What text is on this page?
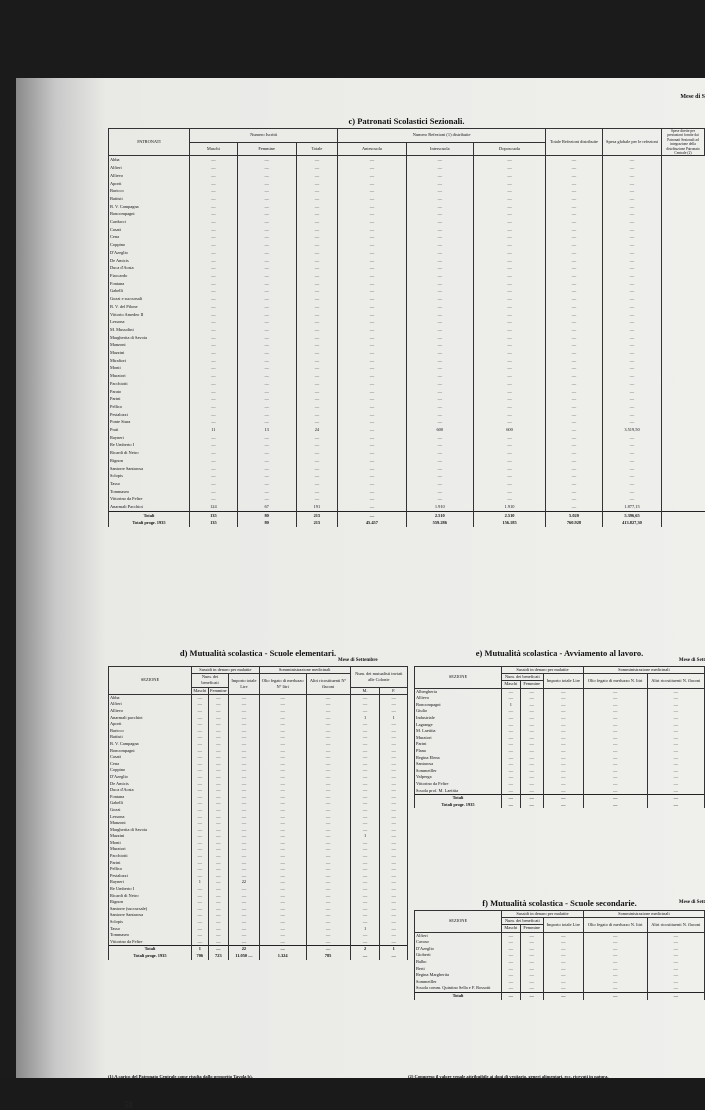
Mese di S
c) Patronati Scolastici Sezionali.
PATRONATI	Numero Iscritti			Numero Refezioni (1) distribuite			Totale Refezioni distribuite	Spesa globale per le refezioni	Spese dirette per prestazioni fornite dai Patronati Sezionali ad integrazione della distribuzione Patronato Centrale (2)
	Maschi	Femmine	Totale	Antescuola	Interscuola	Doposcuola			
Abba	—	—	—	—	—	—	—	—	
Alfieri	—	—	—	—	—	—	—	—	
Allievo	—	—	—	—	—	—	—	—	
Aporti	—	—	—	—	—	—	—	—	
Baricco	—	—	—	—	—	—	—	—	
Battisti	—	—	—	—	—	—	—	—	
B. V. Campagna	—	—	—	—	—	—	—	—	
Boncompagni	—	—	—	—	—	—	—	—	
Carducci	—	—	—	—	—	—	—	—	
Casati	—	—	—	—	—	—	—	—	
Cena	—	—	—	—	—	—	—	—	
Coppino	—	—	—	—	—	—	—	—	
D'Azeglio	—	—	—	—	—	—	—	—	
De Amicis	—	—	—	—	—	—	—	—	
Duca d'Aosta	—	—	—	—	—	—	—	—	
Fiaccardo	—	—	—	—	—	—	—	—	
Fontana	—	—	—	—	—	—	—	—	
Gabelli	—	—	—	—	—	—	—	—	
Gozzi e succursali	—	—	—	—	—	—	—	—	
B. V. del Pilone	—	—	—	—	—	—	—	—	
Vittorio Amedeo II	—	—	—	—	—	—	—	—	
Lessona	—	—	—	—	—	—	—	—	
M. Mussolini	—	—	—	—	—	—	—	—	
Margherita di Savoia	—	—	—	—	—	—	—	—	
Manzoni	—	—	—	—	—	—	—	—	
Mazzini	—	—	—	—	—	—	—	—	
Mirafiori	—	—	—	—	—	—	—	—	
Monti	—	—	—	—	—	—	—	—	
Muratori	—	—	—	—	—	—	—	—	
Pacchiotti	—	—	—	—	—	—	—	—	
Parato	—	—	—	—	—	—	—	—	
Parini	—	—	—	—	—	—	—	—	
Pellico	—	—	—	—	—	—	—	—	
Pestalozzi	—	—	—	—	—	—	—	—	
Ponte Stura	—	—	—	—	—	—	—	—	
Prati	11	13	24	—	600	600	—	3.519,50	
Rayneri	—	—	—	—	—	—	—	—	
Re Umberto I	—	—	—	—	—	—	—	—	
Ricardi di Netro	—	—	—	—	—	—	—	—	
Rignon	—	—	—	—	—	—	—	—	
Santorre Santarosa	—	—	—	—	—	—	—	—	
Sclopis	—	—	—	—	—	—	—	—	
Tasso	—	—	—	—	—	—	—	—	
Tommaseo	—	—	—	—	—	—	—	—	
Vittorino da Feltre	—	—	—	—	—	—	—	—	
Anarmali Pacchiot	124	67	191	—	1.910	1.910	—	1.877,15	
Totali	135	80	215	—	2.510	2.510	5.020	5.396,65	
Totali progr. 1935	135	80	215	45.457	559.286	156.185	760.928	413.827,30	
d) Mutualità scolastica - Scuole elementari.
Mese di Settembre
SEZIONE	Sussidi in denaro per malattie			Somministrazione medicinali		Num. dei mutualisti inviati alle Colonie	
	Num. dei beneficati		Importo totale Lire	Olio fegato di merluzzo N° litri	Altri ricostituenti N° flaconi		
	Maschi	Femmine				M.	F.
Abba	—	—	—	—	—	—	—
Alfieri	—	—	—	—	—	—	—
Allievo	—	—	—	—	—	—	—
Anarmali pacchiot	—	—	—	—	—	1	1
Aporti	—	—	—	—	—	—	—
Baricco	—	—	—	—	—	—	—
Battisti	—	—	—	—	—	—	—
B. V. Campagna	—	—	—	—	—	—	—
Boncompagni	—	—	—	—	—	—	—
Casati	—	—	—	—	—	—	—
Cena	—	—	—	—	—	—	—
Coppino	—	—	—	—	—	—	—
D'Azeglio	—	—	—	—	—	—	—
De Amicis	—	—	—	—	—	—	—
Duca d'Aosta	—	—	—	—	—	—	—
Fontana	—	—	—	—	—	—	—
Gabelli	—	—	—	—	—	—	—
Gozzi	—	—	—	—	—	—	—
Lessona	—	—	—	—	—	—	—
Manzoni	—	—	—	—	—	—	—
Margherita di Savoia	—	—	—	—	—	—	—
Mazzini	—	—	—	—	—	1	—
Monti	—	—	—	—	—	—	—
Muratori	—	—	—	—	—	—	—
Pacchiotti	—	—	—	—	—	—	—
Parini	—	—	—	—	—	—	—
Pellico	—	—	—	—	—	—	—
Pestalozzi	—	—	—	—	—	—	—
Rayneri	1	—	22	—	—	—	—
Re Umberto I	—	—	—	—	—	—	—
Ricardi di Netro	—	—	—	—	—	—	—
Rignon	—	—	—	—	—	—	—
Santorre (succursale)	—	—	—	—	—	—	—
Santorre Santarosa	—	—	—	—	—	—	—
Sclopis	—	—	—	—	—	—	—
Tasso	—	—	—	—	—	1	—
Tommaseo	—	—	—	—	—	—	—
Vittorino da Feltre	—	—	—	—	—	—	—
Totali	1	—	22	—	—	2	1
Totali progr. 1935	706	723	11.050 —	1.324	785	—	—
e) Mutualità scolastica - Avviamento al lavoro.
Mese di Sett
SEZIONE	Sussidi in denaro per malattie			Somministrazione medicinali	
	Num. dei beneficati		Importo totale Lire	Olio fegato di merluzzo N. litri	Altri ricostituenti N. flaconi
	Maschi	Femmine			
Albergheria	—	—	—	—	—
Allievo	—	—	—	—	—
Boncompagni	1	—	—	—	—
Giulio	—	—	—	—	—
Industriale	—	—	—	—	—
Lagrange	—	—	—	—	—
M. Laetitia	—	—	—	—	—
Muratori	—	—	—	—	—
Parini	—	—	—	—	—
Plana	—	—	—	—	—
Regina Elena	—	—	—	—	—
Santarosa	—	—	—	—	—
Sommeiller	—	—	—	—	—
Valperga	—	—	—	—	—
Vittorino da Feltre	—	—	—	—	—
Scuola prof. M. Laetitia	—	—	—	—	—
Totali	—	—	—	—	—
Totali progr. 1935	—	—	—	—	—
f) Mutualità scolastica - Scuole secondarie.	Mese di Sett
SEZIONE	Sussidi in denaro per malattie			Somministrazione medicinali	
	Num. dei beneficati		Importo totale Lire	Olio fegato di merluzzo N. litri	Altri ricostituenti N. flaconi
	Maschi	Femmine			
Alfieri	—	—	—	—	—
Cavour	—	—	—	—	—
D'Azeglio	—	—	—	—	—
Gioberti	—	—	—	—	—
Balbo	—	—	—	—	—
Berti	—	—	—	—	—
Regina Margherita	—	—	—	—	—
Sommeiller	—	—	—	—	—
Scuola comm. Quintino Sella e F. Rossotti	—	—	—	—	—
Totali	—	—	—	—	—
(1) A carico del Patronato Centrale come risulta dallo prospetto Tavola b).	(2) Compreso il valore venale attribuibile ai doni di vestiario, generi alimentari, ecc. ricevuti in natura.
58
